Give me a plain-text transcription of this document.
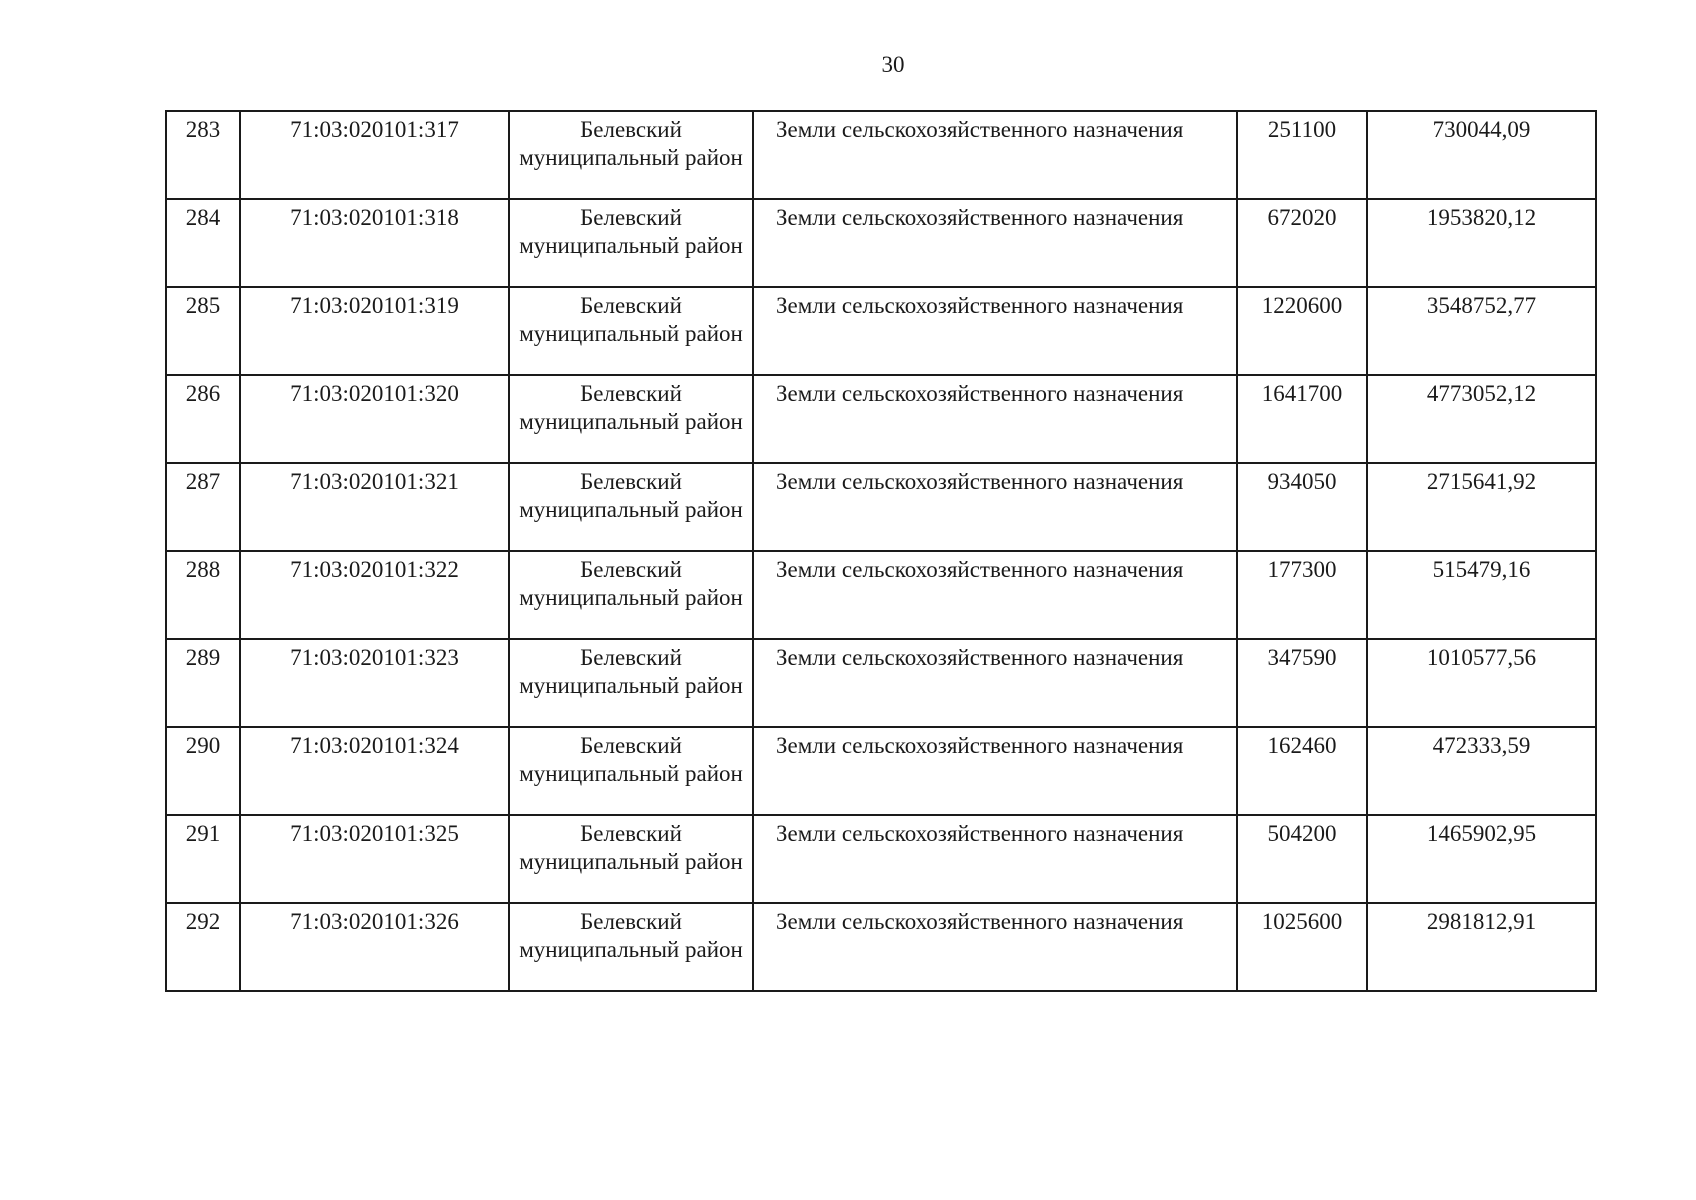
30
283	71:03:020101:317	Белевский муниципальный район	Земли сельскохозяйственного назначения	251100	730044,09
284	71:03:020101:318	Белевский муниципальный район	Земли сельскохозяйственного назначения	672020	1953820,12
285	71:03:020101:319	Белевский муниципальный район	Земли сельскохозяйственного назначения	1220600	3548752,77
286	71:03:020101:320	Белевский муниципальный район	Земли сельскохозяйственного назначения	1641700	4773052,12
287	71:03:020101:321	Белевский муниципальный район	Земли сельскохозяйственного назначения	934050	2715641,92
288	71:03:020101:322	Белевский муниципальный район	Земли сельскохозяйственного назначения	177300	515479,16
289	71:03:020101:323	Белевский муниципальный район	Земли сельскохозяйственного назначения	347590	1010577,56
290	71:03:020101:324	Белевский муниципальный район	Земли сельскохозяйственного назначения	162460	472333,59
291	71:03:020101:325	Белевский муниципальный район	Земли сельскохозяйственного назначения	504200	1465902,95
292	71:03:020101:326	Белевский муниципальный район	Земли сельскохозяйственного назначения	1025600	2981812,91
